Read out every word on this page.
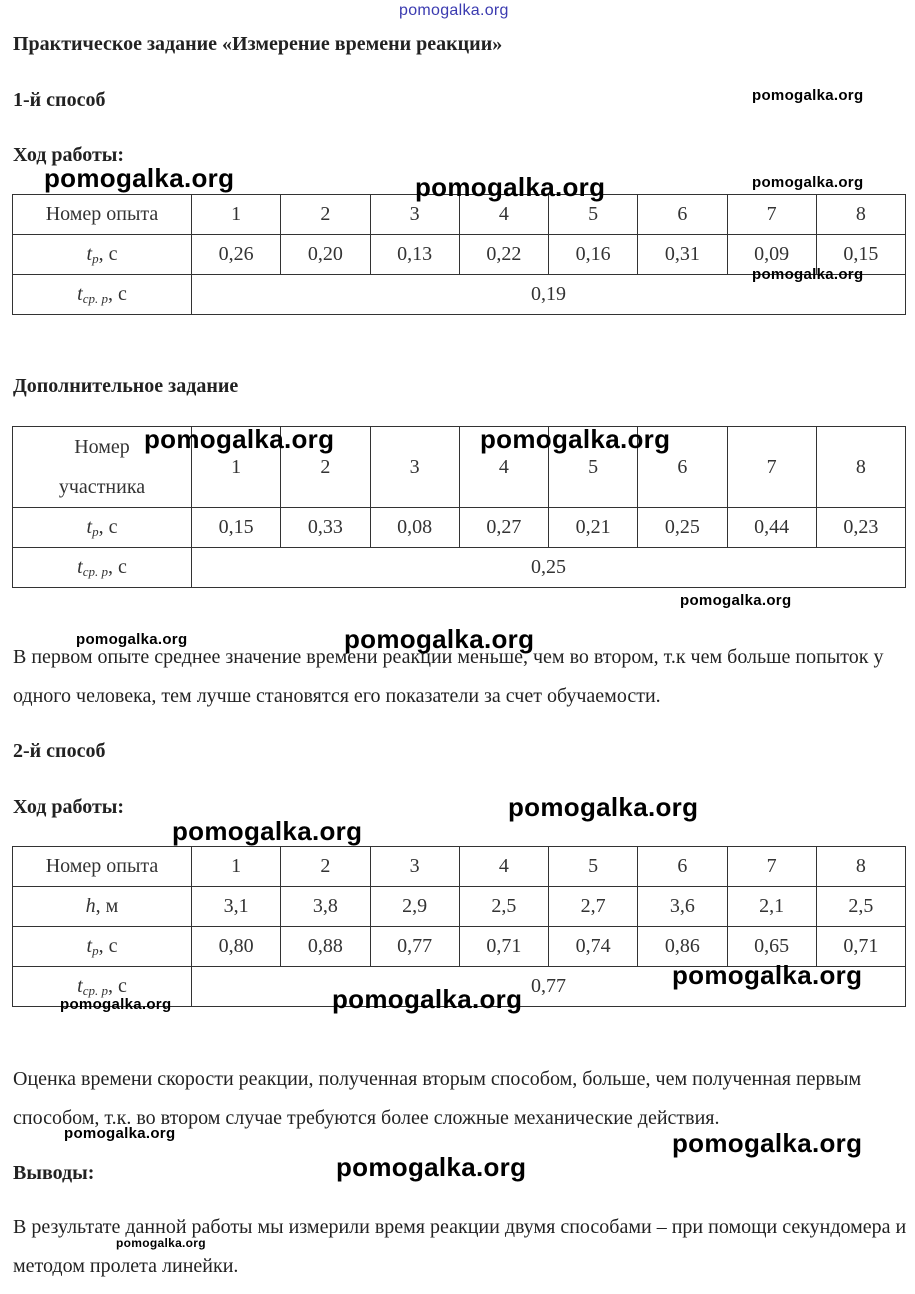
pomogalka.org
Практическое задание «Измерение времени реакции»
1-й способ
Ход работы:
Номер опыта	1	2	3	4	5	6	7	8
$t_р$, с	0,26	0,20	0,13	0,22	0,16	0,31	0,09	0,15
$t_{ср. р}$, с	0,19							
Дополнительное задание
Номер
участника	1	2	3	4	5	6	7	8
$t_р$, с	0,15	0,33	0,08	0,27	0,21	0,25	0,44	0,23
$t_{ср. р}$, с	0,25							
В первом опыте среднее значение времени реакции меньше, чем во втором, т.к чем больше попыток у одного человека, тем лучше становятся его показатели за счет обучаемости.
2-й способ
Ход работы:
Номер опыта	1	2	3	4	5	6	7	8
h, м	3,1	3,8	2,9	2,5	2,7	3,6	2,1	2,5
$t_р$, с	0,80	0,88	0,77	0,71	0,74	0,86	0,65	0,71
$t_{ср. р}$, с	0,77							
Оценка времени скорости реакции, полученная вторым способом, больше, чем полученная первым способом, т.к. во втором случае требуются более сложные механические действия.
Выводы:
В результате данной работы мы измерили время реакции двумя способами – при помощи секундомера и методом пролета линейки.
pomogalka.org
pomogalka.org	pomogalka.org	pomogalka.org
pomogalka.org
pomogalka.org	pomogalka.org
pomogalka.org
pomogalka.org	pomogalka.org
pomogalka.org
pomogalka.org
pomogalka.org
pomogalka.org
pomogalka.org
pomogalka.org	pomogalka.org
pomogalka.org
pomogalka.org
